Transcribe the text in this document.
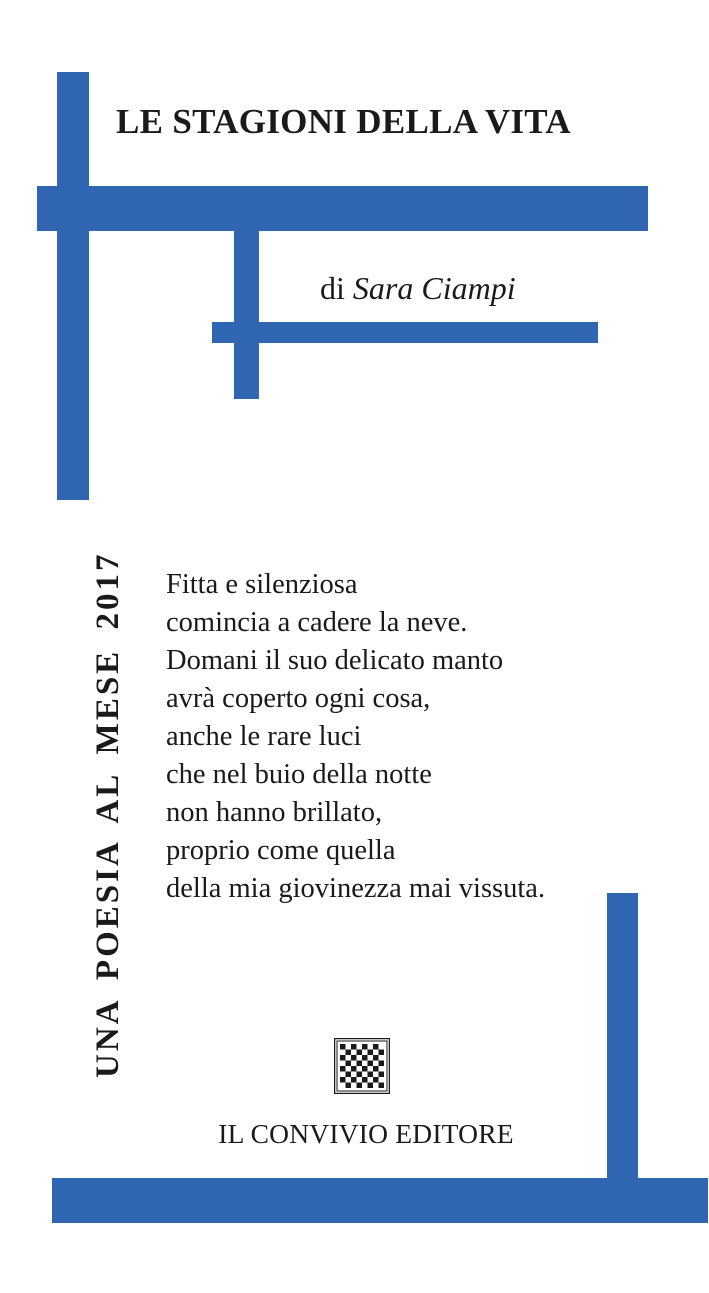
LE STAGIONI DELLA VITA
di Sara Ciampi
UNA POESIA AL MESE 2017 Fitta e silenziosa
comincia a cadere la neve.
Domani il suo delicato manto
avrà coperto ogni cosa,
anche le rare luci
che nel buio della notte
non hanno brillato,
proprio come quella
della mia giovinezza mai vissuta.
IL CONVIVIO EDITORE
